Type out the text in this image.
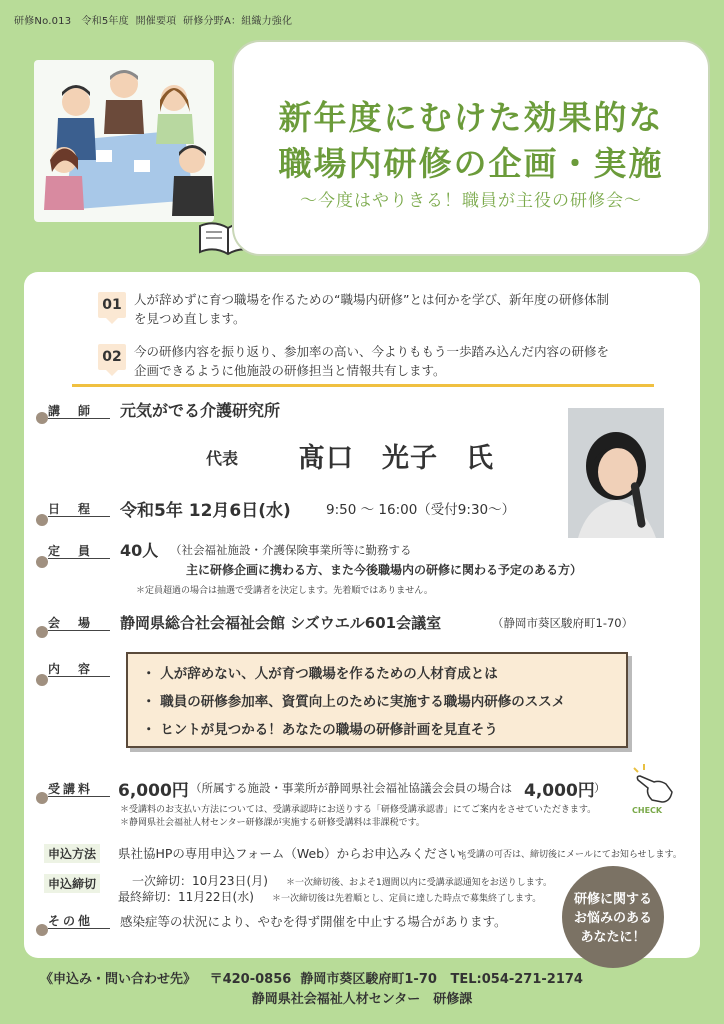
研修No.013 令和5年度 開催要項 研修分野A：組織力強化
新年度にむけた効果的な
職場内研修の企画・実施
〜今度はやりきる！職員が主役の研修会〜
01 人が辞めずに育つ職場を作るための“職場内研修”とは何かを学び、新年度の研修体制
を見つめ直します。
02 今の研修内容を振り返り、参加率の高い、今よりももう一歩踏み込んだ内容の研修を
企画できるように他施設の研修担当と情報共有します。
講　師	元気がでる介護研究所
代表 髙口　光子　氏
日　程	令和5年 12月6日(水)	9:50 〜 16:00（受付9:30〜）
定　員	40人 （社会福祉施設・介護保険事業所等に勤務する
主に研修企画に携わる方、また今後職場内の研修に関わる予定のある方）
＊定員超過の場合は抽選で受講者を決定します。先着順ではありません。
会　場	静岡県総合社会福祉会館 シズウエル601会議室	（静岡市葵区駿府町1-70）
内　容	・ 人が辞めない、人が育つ職場を作るための人材育成とは
・ 職員の研修参加率、資質向上のために実施する職場内研修のススメ
・ ヒントが見つかる！あなたの職場の研修計画を見直そう
受講料	6,000円 （所属する施設・事業所が静岡県社会福祉協議会会員の場合は 4,000円 ）
＊受講料のお支払い方法については、受講承認時にお送りする「研修受講承認書」にてご案内をさせていただきます。
＊静岡県社会福祉人材センター研修課が実施する研修受講料は非課税です。
CHECK
申込方法	県社協HPの専用申込フォーム（Web）からお申込みください。
＊受講の可否は、締切後にメールにてお知らせします。
申込締切	一次締切：10月23日(月) ＊一次締切後、およそ1週間以内に受講承認通知をお送りします。
最終締切：11月22日(水) ＊一次締切後は先着順とし、定員に達した時点で募集終了します。
その他	感染症等の状況により、やむを得ず開催を中止する場合があります。
研修に関する
お悩みのある
あなたに！
《申込み・問い合わせ先》 〒420-0856 静岡市葵区駿府町1-70 TEL:054-271-2174
静岡県社会福祉人材センター　研修課
